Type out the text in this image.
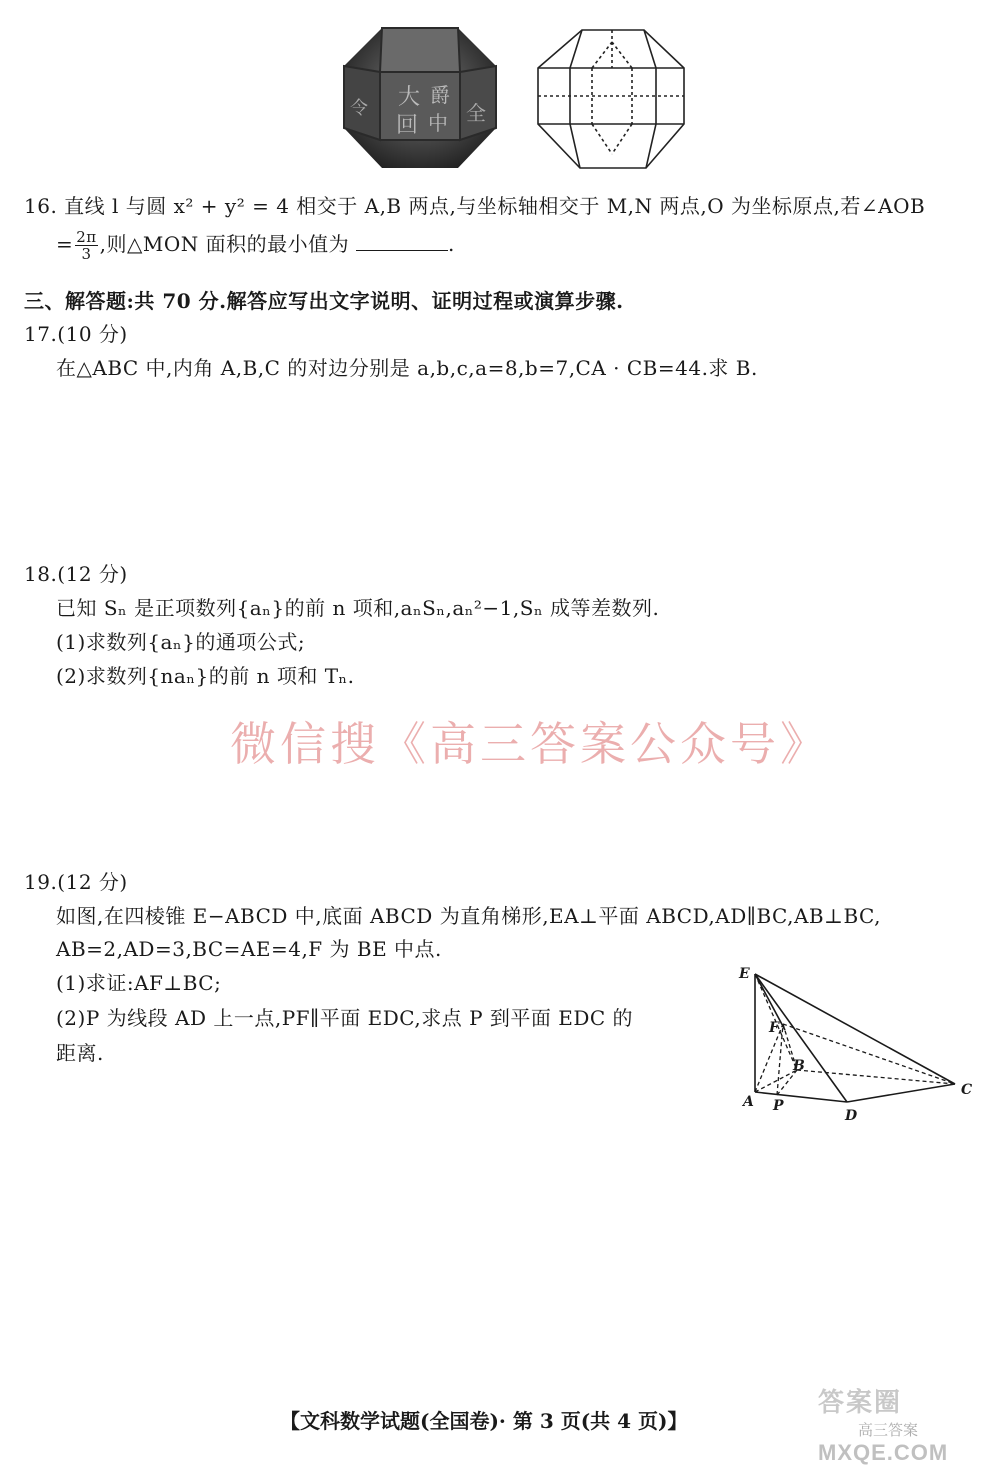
大 爵
回 中 全
令
16. 直线 l 与圆 x² + y² = 4 相交于 A,B 两点,与坐标轴相交于 M,N 两点,O 为坐标原点,若∠AOB
= $\frac{2\pi}{3}$ ,则△MON 面积的最小值为	.
三、解答题:共 70 分.解答应写出文字说明、证明过程或演算步骤.
17.(10 分)
在△ABC 中,内角 A,B,C 的对边分别是 a,b,c,a=8,b=7,CA · CB=44.求 B.
18.(12 分)
已知 Sₙ 是正项数列{aₙ}的前 n 项和,aₙSₙ,aₙ²−1,Sₙ 成等差数列.
(1)求数列{aₙ}的通项公式;
(2)求数列{naₙ}的前 n 项和 Tₙ.
微信搜《高三答案公众号》
19.(12 分)
如图,在四棱锥 E−ABCD 中,底面 ABCD 为直角梯形,EA⊥平面 ABCD,AD∥BC,AB⊥BC,
AB=2,AD=3,BC=AE=4,F 为 BE 中点.
(1)求证:AF⊥BC;
(2)P 为线段 AD 上一点,PF∥平面 EDC,求点 P 到平面 EDC 的
距离.
E
F
B
A P
D
C
【文科数学试题(全国卷)· 第 3 页(共 4 页)】
答案圈
高三答案
MXQE.COM
